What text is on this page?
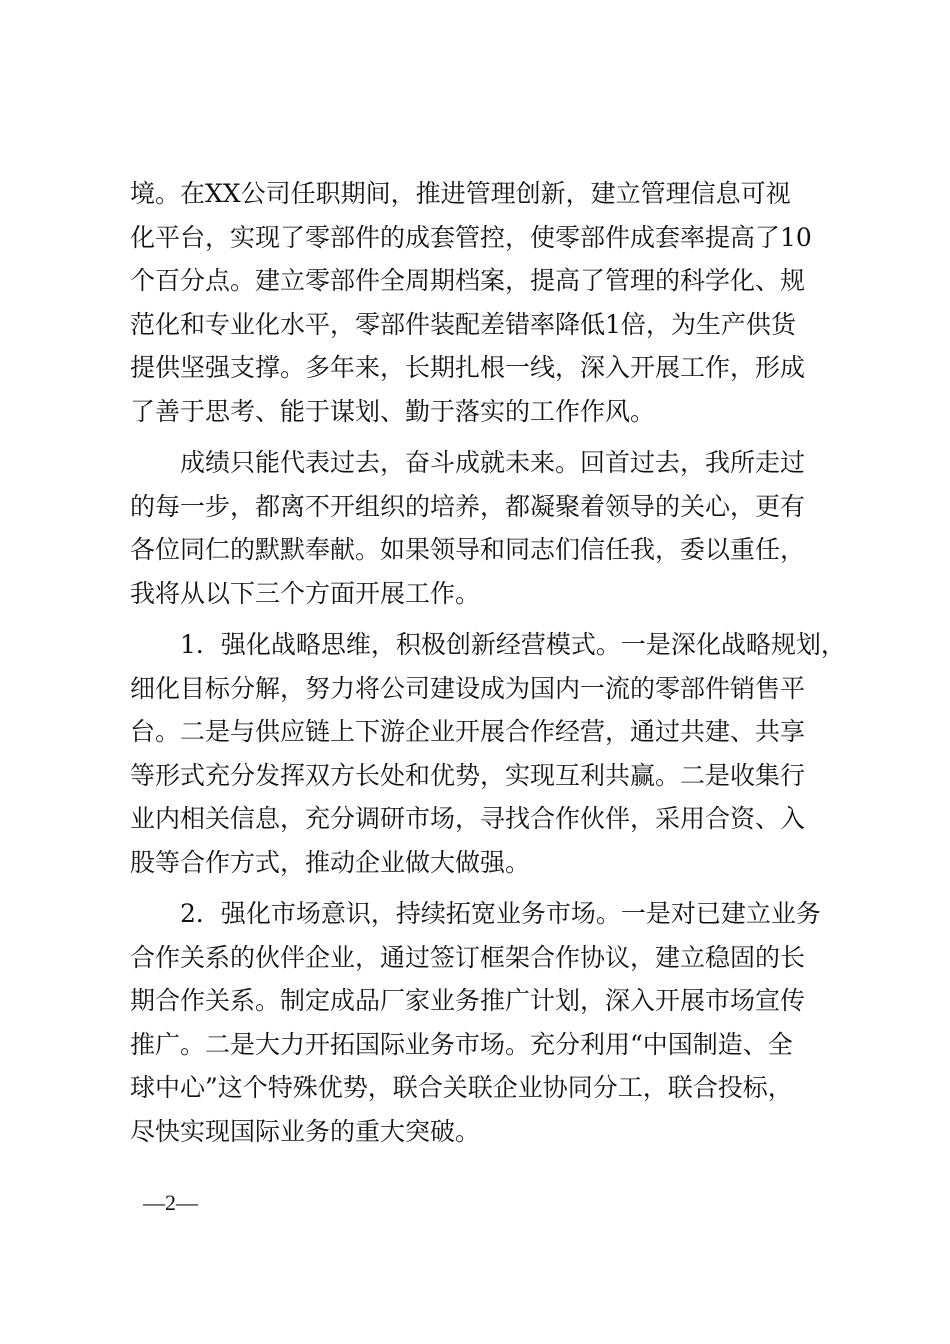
境。在XX公司任职期间，推进管理创新，建立管理信息可视
化平台，实现了零部件的成套管控，使零部件成套率提高了10
个百分点。建立零部件全周期档案，提高了管理的科学化、规
范化和专业化水平，零部件装配差错率降低1倍，为生产供货
提供坚强支撑。多年来，长期扎根一线，深入开展工作，形成
了善于思考、能于谋划、勤于落实的工作作风。
　　成绩只能代表过去，奋斗成就未来。回首过去，我所走过
的每一步，都离不开组织的培养，都凝聚着领导的关心，更有
各位同仁的默默奉献。如果领导和同志们信任我，委以重任，
我将从以下三个方面开展工作。
　　1．强化战略思维，积极创新经营模式。一是深化战略规划，
细化目标分解，努力将公司建设成为国内一流的零部件销售平
台。二是与供应链上下游企业开展合作经营，通过共建、共享
等形式充分发挥双方长处和优势，实现互利共赢。二是收集行
业内相关信息，充分调研市场，寻找合作伙伴，采用合资、入
股等合作方式，推动企业做大做强。
　　2．强化市场意识，持续拓宽业务市场。一是对已建立业务
合作关系的伙伴企业，通过签订框架合作协议，建立稳固的长
期合作关系。制定成品厂家业务推广计划，深入开展市场宣传
推广。二是大力开拓国际业务市场。充分利用“中国制造、全
球中心”这个特殊优势，联合关联企业协同分工，联合投标，
尽快实现国际业务的重大突破。
—2—
